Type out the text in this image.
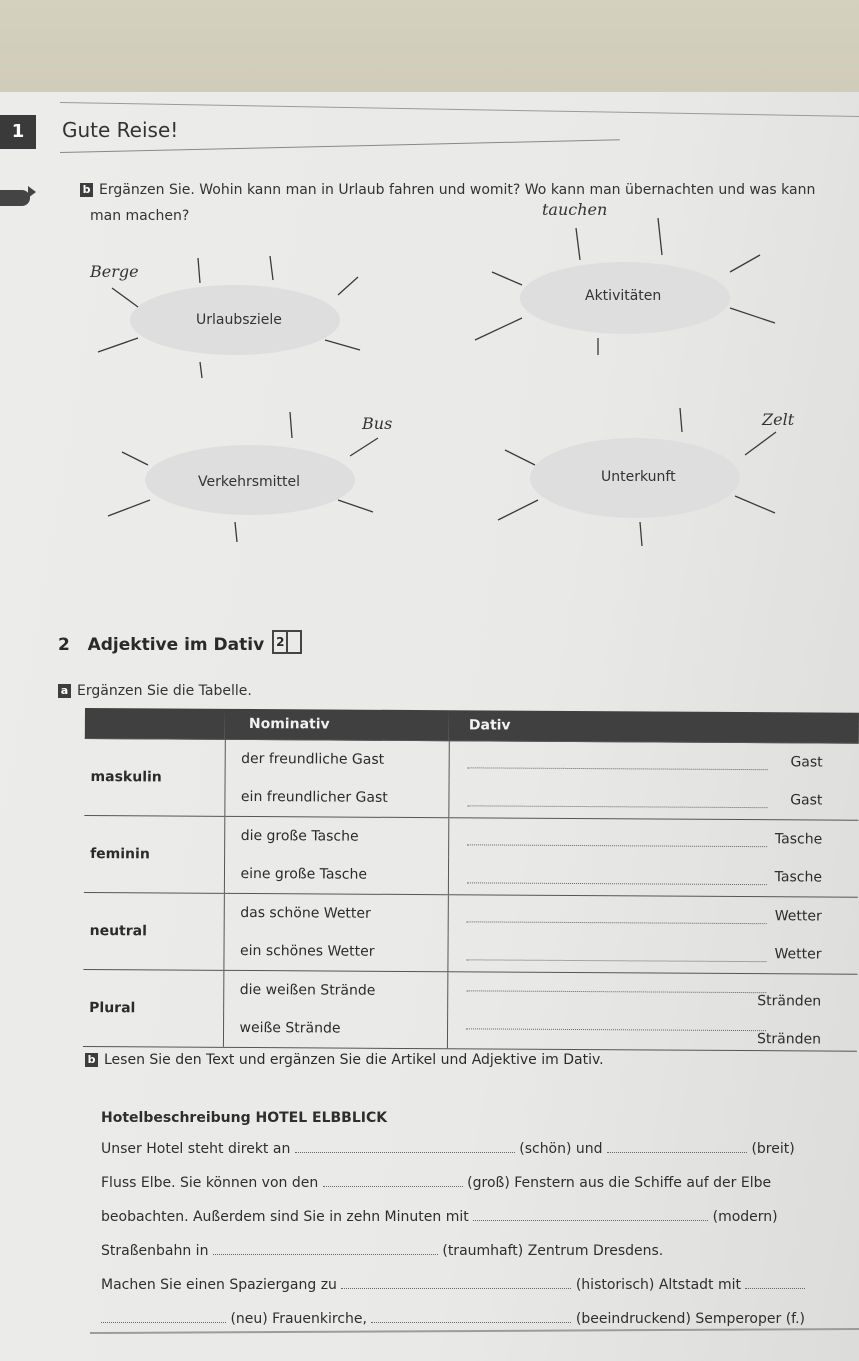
1	Gute Reise!
b Ergänzen Sie. Wohin kann man in Urlaub fahren und womit? Wo kann man übernachten und was kann
man machen?
Urlaubsziele
Aktivitäten
Verkehrsmittel	Unterkunft
Berge
tauchen
Bus	Zelt
2 Adjektive im Dativ 2
a Ergänzen Sie die Tabelle.
	Nominativ	Dativ
maskulin	der freundliche Gast	Gast

	ein freundlicher Gast	Gast

feminin	die große Tasche	Tasche

	eine große Tasche	Tasche

neutral	das schöne Wetter	Wetter

	ein schönes Wetter	Wetter

Plural	die weißen Strände	Stränden

	weiße Strände	Stränden
b Lesen Sie den Text und ergänzen Sie die Artikel und Adjektive im Dativ.
Hotelbeschreibung HOTEL ELBBLICK
Unser Hotel steht direkt an	(schön) und	(breit)
Fluss Elbe. Sie können von den	(groß) Fenstern aus die Schiffe auf der Elbe
beobachten. Außerdem sind Sie in zehn Minuten mit	(modern)
Straßenbahn in	(traumhaft) Zentrum Dresdens.
Machen Sie einen Spaziergang zu	(historisch) Altstadt mit
(neu) Frauenkirche,	(beeindruckend) Semperoper (f.)
